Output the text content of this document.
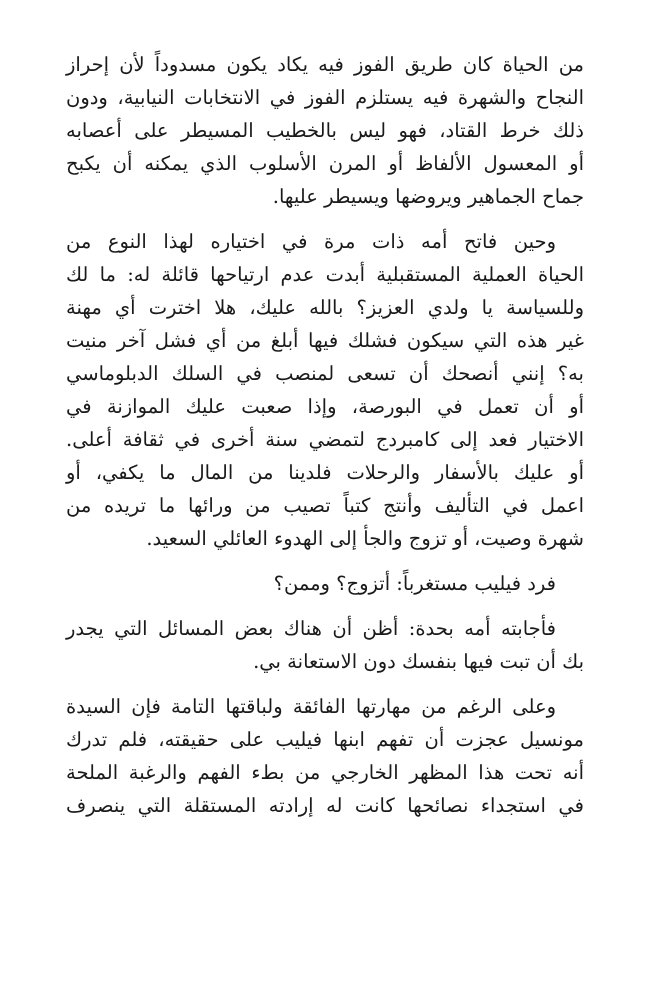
من الحياة كان طريق الفوز فيه يكاد يكون مسدوداً لأن إحراز
النجاح والشهرة فيه يستلزم الفوز في الانتخابات النيابية، ودون
ذلك خرط القتاد، فهو ليس بالخطيب المسيطر على أعصابه
أو المعسول الألفاظ أو المرن الأسلوب الذي يمكنه أن يكبح
جماح الجماهير ويروضها ويسيطر عليها.
وحين فاتح أمه ذات مرة في اختياره لهذا النوع من
الحياة العملية المستقبلية أبدت عدم ارتياحها قائلة له: ما لك
وللسياسة يا ولدي العزيز؟ بالله عليك، هلا اخترت أي مهنة
غير هذه التي سيكون فشلك فيها أبلغ من أي فشل آخر منيت
به؟ إنني أنصحك أن تسعى لمنصب في السلك الدبلوماسي
أو أن تعمل في البورصة، وإذا صعبت عليك الموازنة في
الاختيار فعد إلى كامبردج لتمضي سنة أخرى في ثقافة أعلى.
أو عليك بالأسفار والرحلات فلدينا من المال ما يكفي، أو
اعمل في التأليف وأنتج كتباً تصيب من ورائها ما تريده من
شهرة وصيت، أو تزوج والجأ إلى الهدوء العائلي السعيد.
فرد فيليب مستغرباً: أتزوج؟ وممن؟
فأجابته أمه بحدة: أظن أن هناك بعض المسائل التي يجدر
بك أن تبت فيها بنفسك دون الاستعانة بي.
وعلى الرغم من مهارتها الفائقة ولباقتها التامة فإن السيدة
مونسيل عجزت أن تفهم ابنها فيليب على حقيقته، فلم تدرك
أنه تحت هذا المظهر الخارجي من بطء الفهم والرغبة الملحة
في استجداء نصائحها كانت له إرادته المستقلة التي ينصرف
